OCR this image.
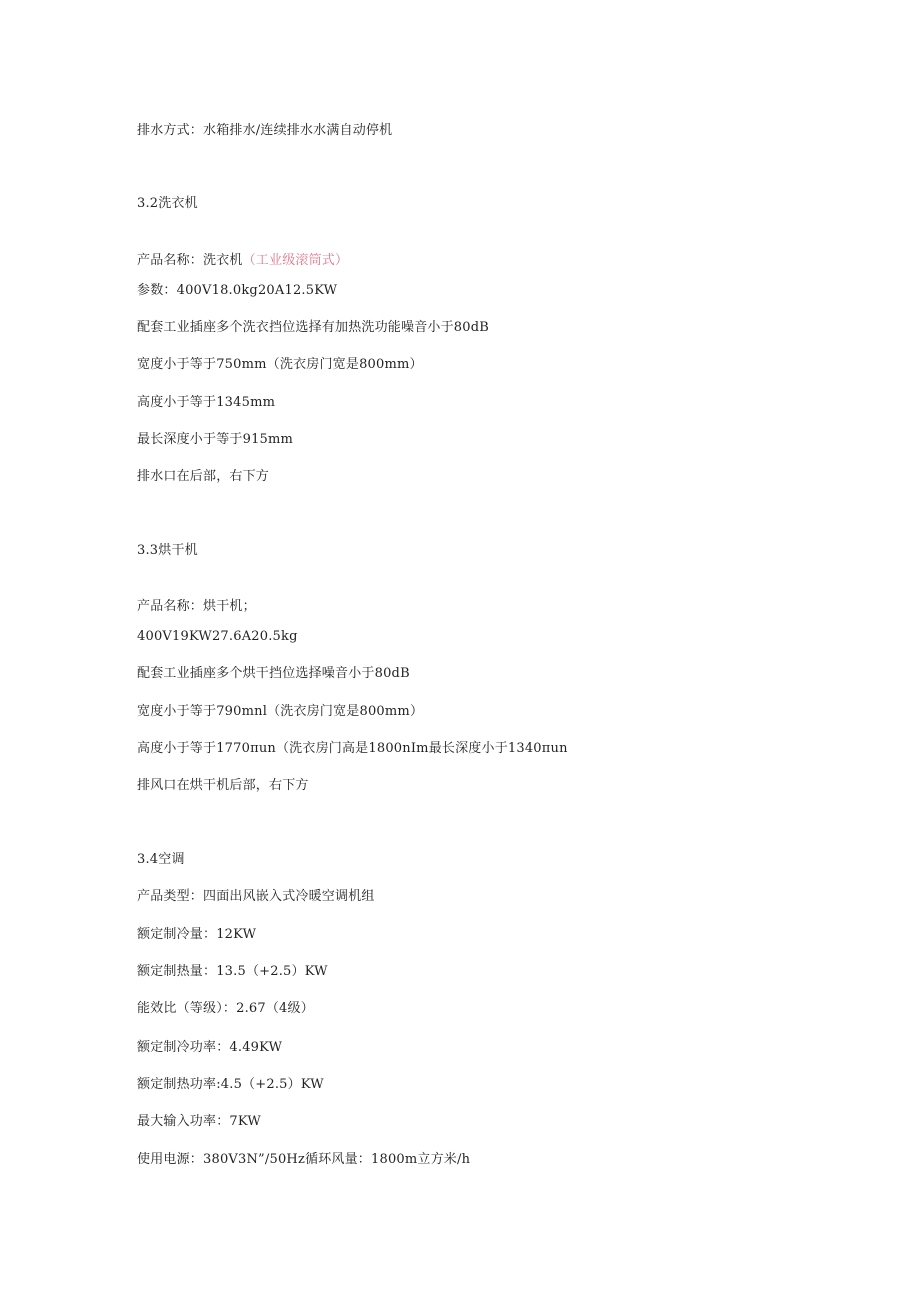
排水方式：水箱排水/连续排水水满自动停机
3.2洗衣机
产品名称：洗衣机（工业级滚筒式）
参数：400V18.0kg20A12.5KW
配套工业插座多个洗衣挡位选择有加热洗功能噪音小于80dB
宽度小于等于750mm（洗衣房门宽是800mm）
高度小于等于1345mm
最长深度小于等于915mm
排水口在后部，右下方
3.3烘干机
产品名称：烘干机；
400V19KW27.6A20.5kg
配套工业插座多个烘干挡位选择噪音小于80dB
宽度小于等于790mnl（洗衣房门宽是800mm）
高度小于等于1770πun（洗衣房门高是1800nIm最长深度小于1340πun
排风口在烘干机后部，右下方
3.4空调
产品类型：四面出风嵌入式冷暖空调机组
额定制冷量：12KW
额定制热量：13.5（+2.5）KW
能效比（等级）：2.67（4级）
额定制冷功率：4.49KW
额定制热功率:4.5（+2.5）KW
最大输入功率：7KW
使用电源：380V3N”/50Hz循环风量：1800m立方米/h
